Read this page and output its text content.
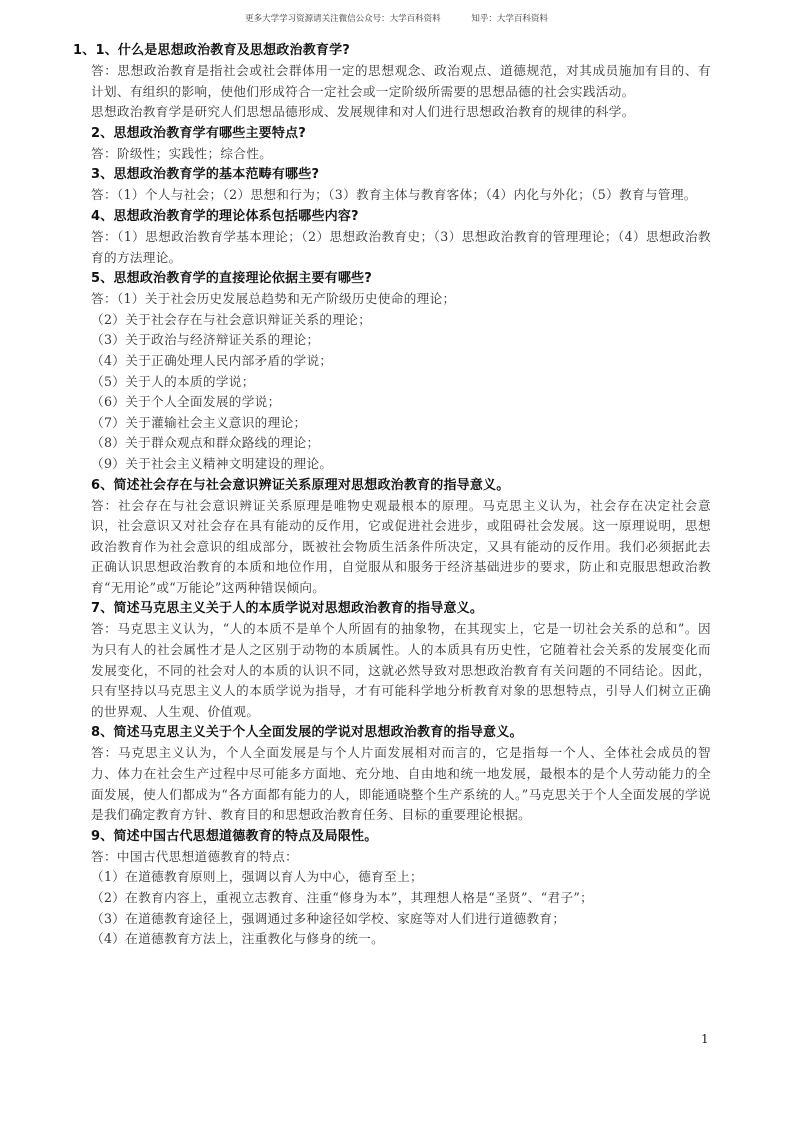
更多大学学习资源请关注微信公众号：大学百科资料	知乎：大学百科资料
1、1、什么是思想政治教育及思想政治教育学?
答：思想政治教育是指社会或社会群体用一定的思想观念、政治观点、道德规范，对其成员施加有目的、有计划、有组织的影响，使他们形成符合一定社会或一定阶级所需要的思想品德的社会实践活动。
思想政治教育学是研究人们思想品德形成、发展规律和对人们进行思想政治教育的规律的科学。
2、思想政治教育学有哪些主要特点?
答：阶级性；实践性；综合性。
3、思想政治教育学的基本范畴有哪些?
答：（1）个人与社会；（2）思想和行为；（3）教育主体与教育客体；（4）内化与外化；（5）教育与管理。
4、思想政治教育学的理论体系包括哪些内容?
答：（1）思想政治教育学基本理论；（2）思想政治教育史；（3）思想政治教育的管理理论；（4）思想政治教育的方法理论。
5、思想政治教育学的直接理论依据主要有哪些?
答：（1）关于社会历史发展总趋势和无产阶级历史使命的理论；
（2）关于社会存在与社会意识辩证关系的理论；
（3）关于政治与经济辩证关系的理论；
（4）关于正确处理人民内部矛盾的学说；
（5）关于人的本质的学说；
（6）关于个人全面发展的学说；
（7）关于灌输社会主义意识的理论；
（8）关于群众观点和群众路线的理论；
（9）关于社会主义精神文明建设的理论。
6、简述社会存在与社会意识辨证关系原理对思想政治教育的指导意义。
答：社会存在与社会意识辨证关系原理是唯物史观最根本的原理。马克思主义认为，社会存在决定社会意识，社会意识又对社会存在具有能动的反作用，它或促进社会进步，或阻碍社会发展。这一原理说明，思想政治教育作为社会意识的组成部分，既被社会物质生活条件所决定，又具有能动的反作用。我们必须据此去正确认识思想政治教育的本质和地位作用，自觉服从和服务于经济基础进步的要求，防止和克服思想政治教育“无用论”或“万能论”这两种错误倾向。
7、简述马克思主义关于人的本质学说对思想政治教育的指导意义。
答：马克思主义认为，“人的本质不是单个人所固有的抽象物，在其现实上，它是一切社会关系的总和”。因为只有人的社会属性才是人之区别于动物的本质属性。人的本质具有历史性，它随着社会关系的发展变化而发展变化，不同的社会对人的本质的认识不同，这就必然导致对思想政治教育有关问题的不同结论。因此，只有坚持以马克思主义人的本质学说为指导，才有可能科学地分析教育对象的思想特点，引导人们树立正确的世界观、人生观、价值观。
8、简述马克思主义关于个人全面发展的学说对思想政治教育的指导意义。
答：马克思主义认为，个人全面发展是与个人片面发展相对而言的，它是指每一个人、全体社会成员的智力、体力在社会生产过程中尽可能多方面地、充分地、自由地和统一地发展，最根本的是个人劳动能力的全面发展，使人们都成为“各方面都有能力的人，即能通晓整个生产系统的人。”马克思关于个人全面发展的学说是我们确定教育方针、教育目的和思想政治教育任务、目标的重要理论根据。
9、简述中国古代思想道德教育的特点及局限性。
答：中国古代思想道德教育的特点：
（1）在道德教育原则上，强调以育人为中心，德育至上；
（2）在教育内容上，重视立志教育、注重“修身为本”，其理想人格是“圣贤”、“君子”；
（3）在道德教育途径上，强调通过多种途径如学校、家庭等对人们进行道德教育；
（4）在道德教育方法上，注重教化与修身的统一。
1
